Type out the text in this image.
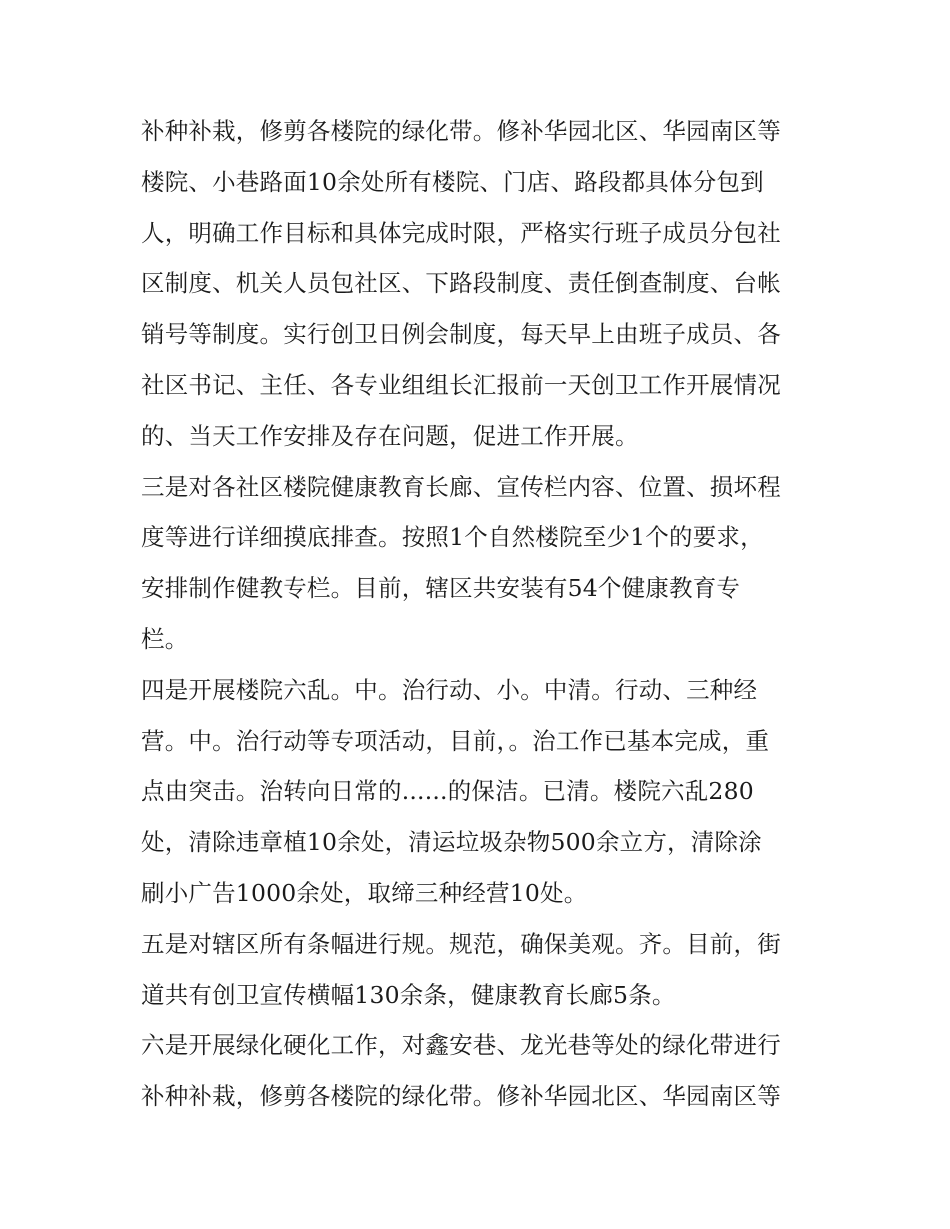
补种补栽，修剪各楼院的绿化带。修补华园北区、华园南区等
楼院、小巷路面10余处所有楼院、门店、路段都具体分包到
人，明确工作目标和具体完成时限，严格实行班子成员分包社
区制度、机关人员包社区、下路段制度、责任倒查制度、台帐
销号等制度。实行创卫日例会制度，每天早上由班子成员、各
社区书记、主任、各专业组组长汇报前一天创卫工作开展情况
的、当天工作安排及存在问题，促进工作开展。
三是对各社区楼院健康教育长廊、宣传栏内容、位置、损坏程
度等进行详细摸底排查。按照1个自然楼院至少1个的要求，
安排制作健教专栏。目前，辖区共安装有54个健康教育专
栏。
四是开展楼院六乱。中。治行动、小。中清。行动、三种经
营。中。治行动等专项活动，目前，。治工作已基本完成，重
点由突击。治转向日常的......的保洁。已清。楼院六乱280
处，清除违章植10余处，清运垃圾杂物500余立方，清除涂
刷小广告1000余处，取缔三种经营10处。
五是对辖区所有条幅进行规。规范，确保美观。齐。目前，街
道共有创卫宣传横幅130余条，健康教育长廊5条。
六是开展绿化硬化工作，对鑫安巷、龙光巷等处的绿化带进行
补种补栽，修剪各楼院的绿化带。修补华园北区、华园南区等
